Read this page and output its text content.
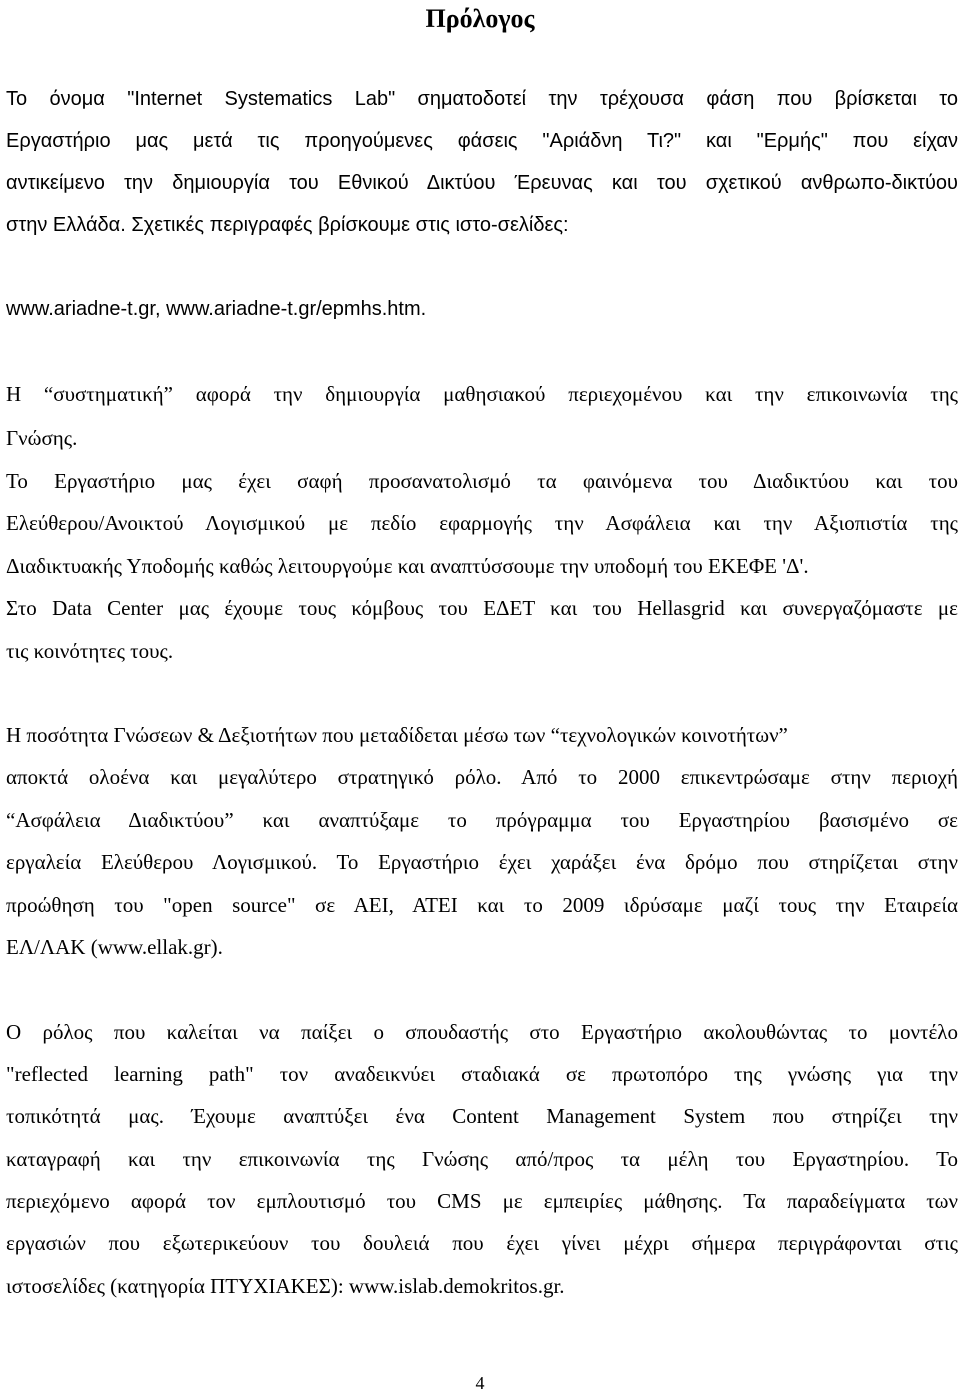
Πρόλογος
Το όνομα "Internet Systematics Lab" σηματοδοτεί την τρέχουσα φάση που βρίσκεται το
Εργαστήριο μας μετά τις προηγούμενες φάσεις "Αριάδνη Τι?" και "Ερμής" που είχαν
αντικείμενο την δημιουργία του Εθνικού Δικτύου Έρευνας και του σχετικού ανθρωπο-δικτύου
στην Ελλάδα. Σχετικές περιγραφές βρίσκουμε στις ιστο-σελίδες:
www.ariadne-t.gr, www.ariadne-t.gr/epmhs.htm.
Η “συστηματική” αφορά την δημιουργία μαθησιακού περιεχομένου και την επικοινωνία της
Γνώσης.
Το Εργαστήριο μας έχει σαφή προσανατολισμό τα φαινόμενα του Διαδικτύου και του
Ελεύθερου/Ανοικτού Λογισμικού με πεδίο εφαρμογής την Ασφάλεια και την Αξιοπιστία της
Διαδικτυακής Υποδομής καθώς λειτουργούμε και αναπτύσσουμε την υποδομή του ΕΚΕΦΕ 'Δ'.
Στο Data Center μας έχουμε τους κόμβους του ΕΔΕΤ και του Hellasgrid και συνεργαζόμαστε με
τις κοινότητες τους.
Η ποσότητα Γνώσεων & Δεξιοτήτων που μεταδίδεται μέσω των “τεχνολογικών κοινοτήτων”
αποκτά ολοένα και μεγαλύτερο στρατηγικό ρόλο. Από το 2000 επικεντρώσαμε στην περιοχή
“Ασφάλεια Διαδικτύου” και αναπτύξαμε το πρόγραμμα του Εργαστηρίου βασισμένο σε
εργαλεία Ελεύθερου Λογισμικού. Το Εργαστήριο έχει χαράξει ένα δρόμο που στηρίζεται στην
προώθηση του "open source" σε ΑΕΙ, ΑΤΕΙ και το 2009 ιδρύσαμε μαζί τους την Εταιρεία
ΕΛ/ΛΑΚ (www.ellak.gr).
Ο ρόλος που καλείται να παίξει ο σπουδαστής στο Εργαστήριο ακολουθώντας το μοντέλο
"reflected learning path" τον αναδεικνύει σταδιακά σε πρωτοπόρο της γνώσης για την
τοπικότητά μας. Έχουμε αναπτύξει ένα Content Management System που στηρίζει την
καταγραφή και την επικοινωνία της Γνώσης από/προς τα μέλη του Εργαστηρίου. Το
περιεχόμενο αφορά τον εμπλουτισμό του CMS με εμπειρίες μάθησης. Τα παραδείγματα των
εργασιών που εξωτερικεύουν του δουλειά που έχει γίνει μέχρι σήμερα περιγράφονται στις
ιστοσελίδες (κατηγορία ΠΤΥΧΙΑΚΕΣ): www.islab.demokritos.gr.
4
